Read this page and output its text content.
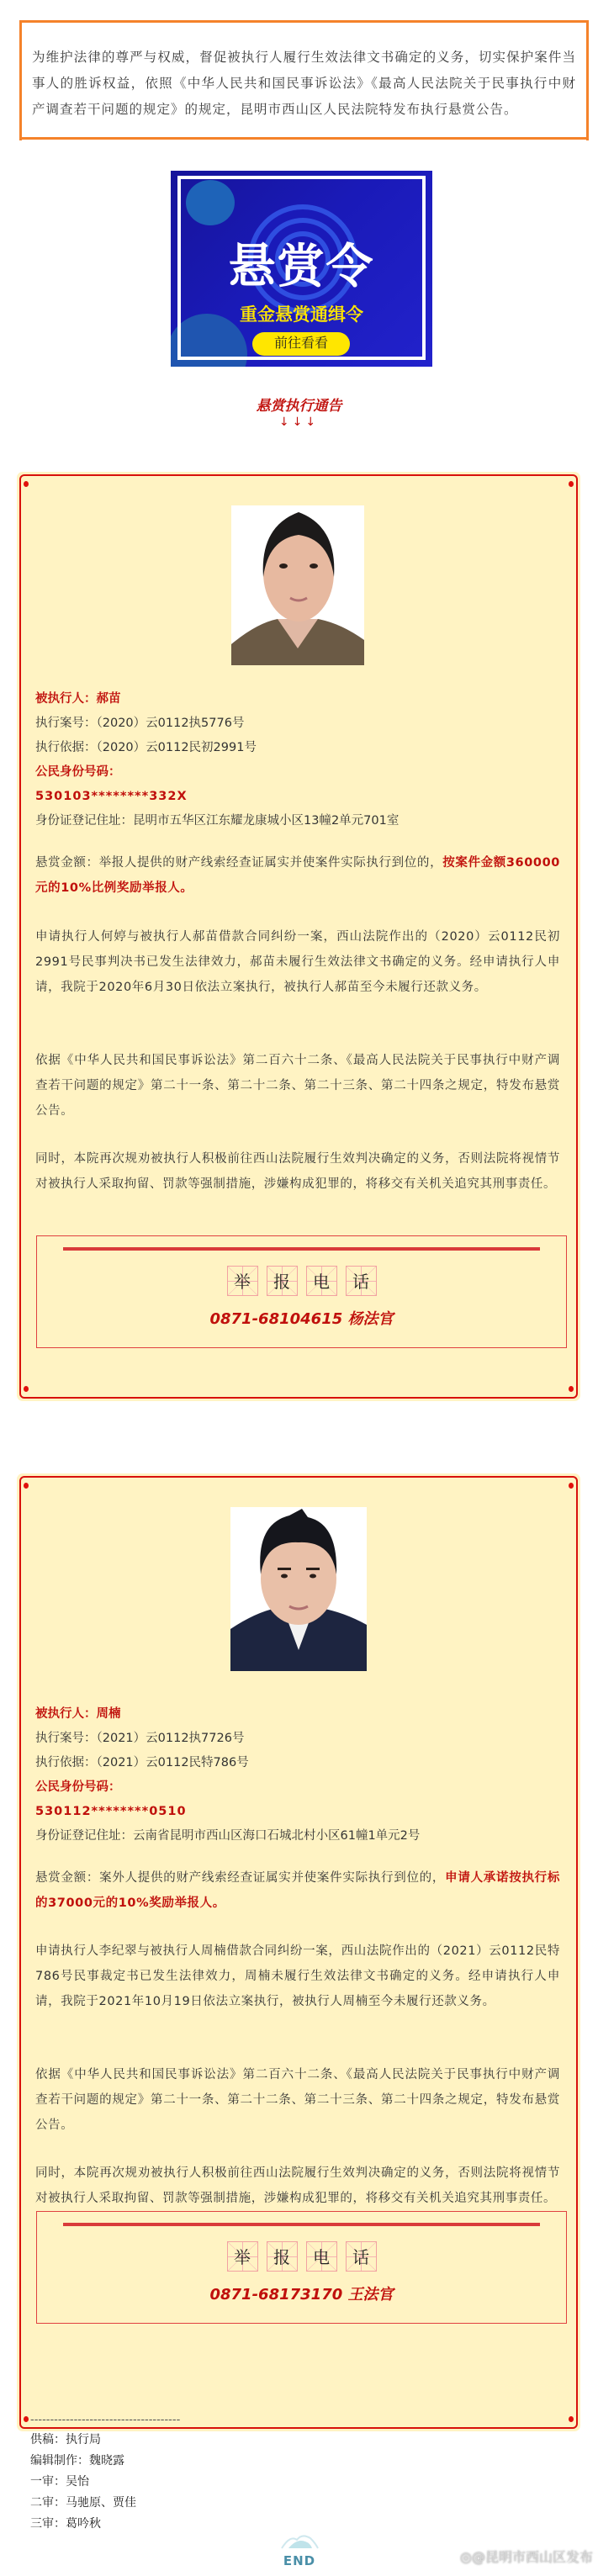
为维护法律的尊严与权威，督促被执行人履行生效法律文书确定的义务，切实保护案件当事人的胜诉权益，依照《中华人民共和国民事诉讼法》《最高人民法院关于民事执行中财产调查若干问题的规定》的规定，昆明市西山区人民法院特发布执行悬赏公告。

悬赏令
重金悬赏通缉令
前往看看
悬赏执行通告
↓↓↓
被执行人：郝苗
执行案号：（2020）云0112执5776号
执行依据：（2020）云0112民初2991号
公民身份号码：
530103********332X
身份证登记住址：昆明市五华区江东耀龙康城小区13幢2单元701室
悬赏金额：举报人提供的财产线索经查证属实并使案件实际执行到位的，按案件金额360000元的10%比例奖励举报人。
申请执行人何婷与被执行人郝苗借款合同纠纷一案，西山法院作出的（2020）云0112民初2991号民事判决书已发生法律效力，郝苗未履行生效法律文书确定的义务。经申请执行人申请，我院于2020年6月30日依法立案执行，被执行人郝苗至今未履行还款义务。
依据《中华人民共和国民事诉讼法》第二百六十二条、《最高人民法院关于民事执行中财产调查若干问题的规定》第二十一条、第二十二条、第二十三条、第二十四条之规定，特发布悬赏公告。
同时，本院再次规劝被执行人积极前往西山法院履行生效判决确定的义务，否则法院将视情节对被执行人采取拘留、罚款等强制措施，涉嫌构成犯罪的，将移交有关机关追究其刑事责任。
举 报 电 话
0871-68104615 杨法官
被执行人：周楠
执行案号：（2021）云0112执7726号
执行依据：（2021）云0112民特786号
公民身份号码：
530112********0510
身份证登记住址：云南省昆明市西山区海口石城北村小区61幢1单元2号
悬赏金额：案外人提供的财产线索经查证属实并使案件实际执行到位的，申请人承诺按执行标的37000元的10%奖励举报人。
申请执行人李纪翠与被执行人周楠借款合同纠纷一案，西山法院作出的（2021）云0112民特786号民事裁定书已发生法律效力，周楠未履行生效法律文书确定的义务。经申请执行人申请，我院于2021年10月19日依法立案执行，被执行人周楠至今未履行还款义务。
依据《中华人民共和国民事诉讼法》第二百六十二条、《最高人民法院关于民事执行中财产调查若干问题的规定》第二十一条、第二十二条、第二十三条、第二十四条之规定，特发布悬赏公告。
同时，本院再次规劝被执行人积极前往西山法院履行生效判决确定的义务，否则法院将视情节对被执行人采取拘留、罚款等强制措施，涉嫌构成犯罪的，将移交有关机关追究其刑事责任。
举 报 电 话
0871-68173170 王法官
--------------------------------------
供稿：执行局
编辑制作：魏晓露
一审：吴怡
二审：马驰原、贾佳
三审：葛吟秋
END	◎@昆明市西山区发布
